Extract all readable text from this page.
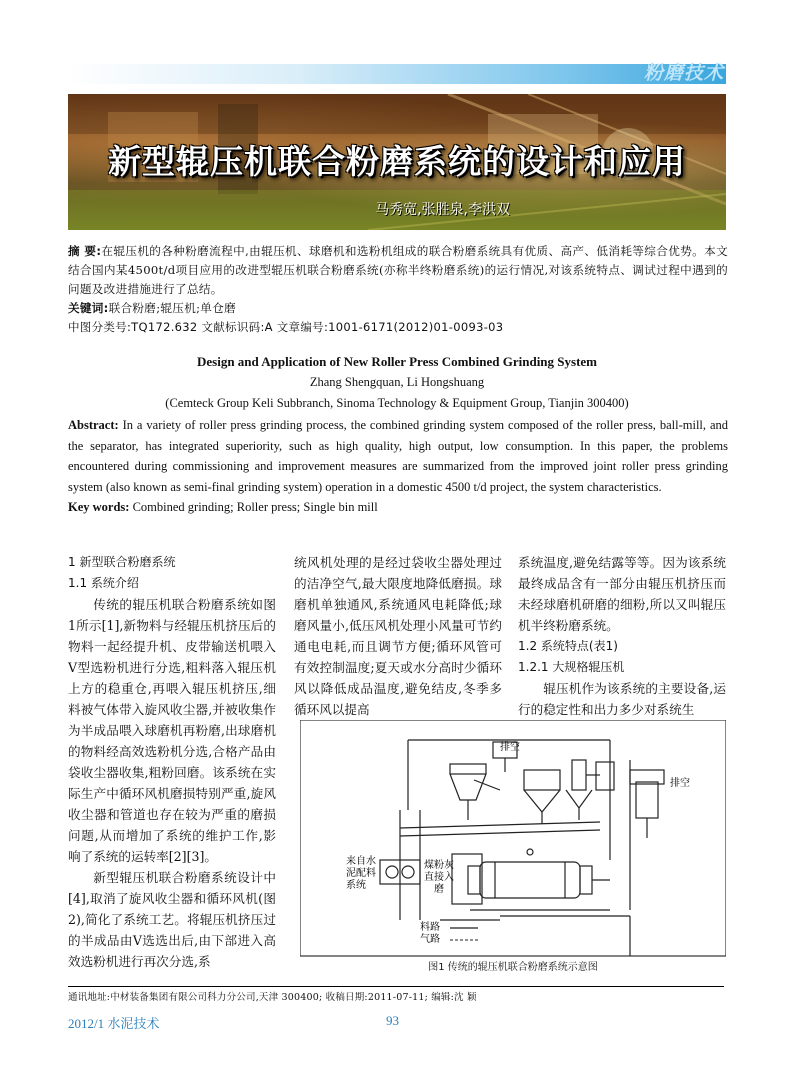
粉磨技术
新型辊压机联合粉磨系统的设计和应用
马秀宽,张胜泉,李洪双

摘 要:在辊压机的各种粉磨流程中,由辊压机、球磨机和选粉机组成的联合粉磨系统具有优质、高产、低消耗等综合优势。本文结合国内某4500t/d项目应用的改进型辊压机联合粉磨系统(亦称半终粉磨系统)的运行情况,对该系统特点、调试过程中遇到的问题及改进措施进行了总结。

关键词:联合粉磨;辊压机;单仓磨

中图分类号:TQ172.632 文献标识码:A 文章编号:1001-6171(2012)01-0093-03

Design and Application of New Roller Press Combined Grinding System
Zhang Shengquan, Li Hongshuang
(Cemteck Group Keli Subbranch, Sinoma Technology & Equipment Group, Tianjin 300400)

Abstract: In a variety of roller press grinding process, the combined grinding system composed of the roller press, ball-mill, and the separator, has integrated superiority, such as high quality, high output, low consumption. In this paper, the problems encountered during commissioning and improvement measures are summarized from the improved joint roller press grinding system (also known as semi-final grinding system) operation in a domestic 4500 t/d project, the system characteristics.

Key words: Combined grinding; Roller press; Single bin mill

1 新型联合粉磨系统

1.1 系统介绍

传统的辊压机联合粉磨系统如图1所示[1],新物料与经辊压机挤压后的物料一起经提升机、皮带输送机喂入V型选粉机进行分选,粗料落入辊压机上方的稳重仓,再喂入辊压机挤压,细料被气体带入旋风收尘器,并被收集作为半成品喂入球磨机再粉磨,出球磨机的物料经高效选粉机分选,合格产品由袋收尘器收集,粗粉回磨。该系统在实际生产中循环风机磨损特别严重,旋风收尘器和管道也存在较为严重的磨损问题,从而增加了系统的维护工作,影响了系统的运转率[2][3]。

新型辊压机联合粉磨系统设计中[4],取消了旋风收尘器和循环风机(图2),简化了系统工艺。将辊压机挤压过的半成品由V选选出后,由下部进入高效选粉机进行再次分选,系

统风机处理的是经过袋收尘器处理过的洁净空气,最大限度地降低磨损。球磨机单独通风,系统通风电耗降低;球磨风量小,低压风机处理小风量可节约通电电耗,而且调节方便;循环风管可有效控制温度;夏天或水分高时少循环风以降低成品温度,避免结皮,冬季多循环风以提高

系统温度,避免结露等等。因为该系统最终成品含有一部分由辊压机挤压而未经球磨机研磨的细粉,所以又叫辊压机半终粉磨系统。

1.2 系统特点(表1)

1.2.1 大规格辊压机

辊压机作为该系统的主要设备,运行的稳定性和出力多少对系统生

排空
排空
来自水泥配料系统
煤粉灰直接入磨
料路
气路
图1 传统的辊压机联合粉磨系统示意图
通讯地址:中材装备集团有限公司科力分公司,天津 300400; 收稿日期:2011-07-11; 编辑:沈 颖
2012/1 水泥技术	93
